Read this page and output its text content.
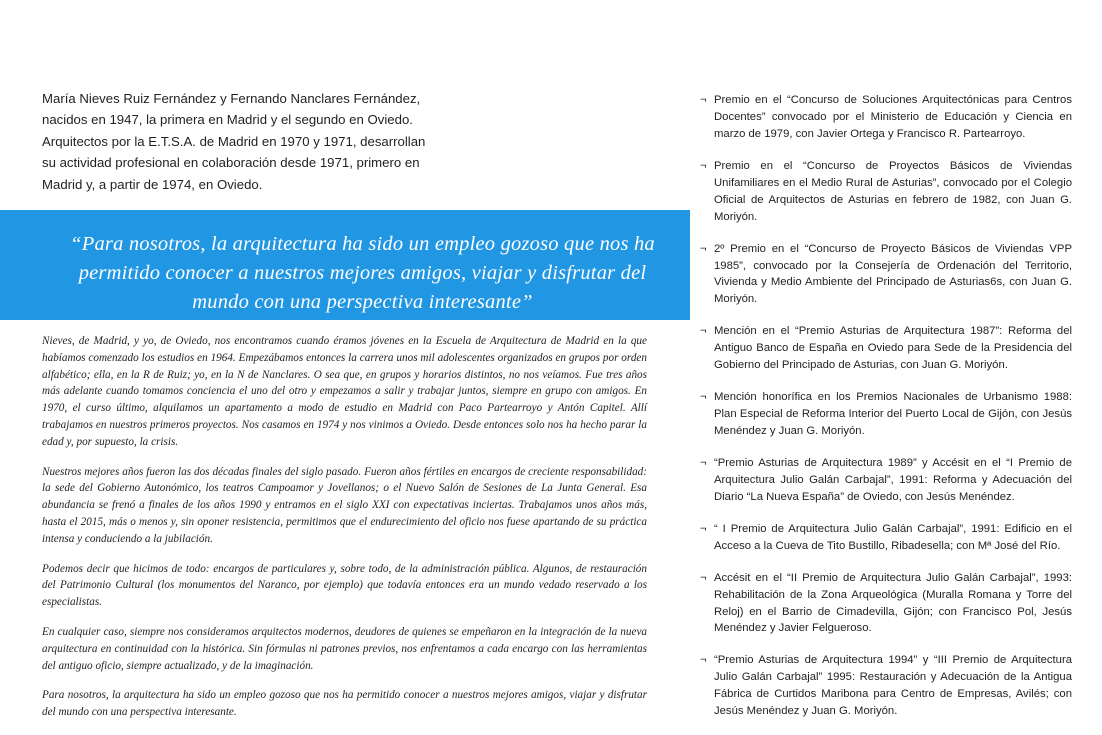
María Nieves Ruiz Fernández y Fernando Nanclares Fernández, nacidos en 1947, la primera en Madrid y el segundo en Oviedo. Arquitectos por la E.T.S.A. de Madrid en 1970 y 1971, desarrollan su actividad profesional en colaboración desde 1971, primero en Madrid y, a partir de 1974, en Oviedo.
“Para nosotros, la arquitectura ha sido un empleo gozoso que nos ha permitido conocer a nuestros mejores amigos, viajar y disfrutar del mundo con una perspectiva interesante”

Nieves, de Madrid, y yo, de Oviedo, nos encontramos cuando éramos jóvenes en la Escuela de Arquitectura de Madrid en la que habíamos comenzado los estudios en 1964. Empezábamos entonces la carrera unos mil adolescentes organizados en grupos por orden alfabético; ella, en la R de Ruiz; yo, en la N de Nanclares. O sea que, en grupos y horarios distintos, no nos veíamos. Fue tres años más adelante cuando tomamos conciencia el uno del otro y empezamos a salir y trabajar juntos, siempre en grupo con amigos. En 1970, el curso último, alquilamos un apartamento a modo de estudio en Madrid con Paco Partearroyo y Antón Capitel. Allí trabajamos en nuestros primeros proyectos. Nos casamos en 1974 y nos vinimos a Oviedo. Desde entonces solo nos ha hecho parar la edad y, por supuesto, la crisis.

Nuestros mejores años fueron las dos décadas finales del siglo pasado. Fueron años fértiles en encargos de creciente responsabilidad: la sede del Gobierno Autonómico, los teatros Campoamor y Jovellanos; o el Nuevo Salón de Sesiones de La Junta General. Esa abundancia se frenó a finales de los años 1990 y entramos en el siglo XXI con expectativas inciertas. Trabajamos unos años más, hasta el 2015, más o menos y, sin oponer resistencia, permitimos que el endurecimiento del oficio nos fuese apartando de su práctica intensa y conduciendo a la jubilación.

Podemos decir que hicimos de todo: encargos de particulares y, sobre todo, de la administración pública. Algunos, de restauración del Patrimonio Cultural (los monumentos del Naranco, por ejemplo) que todavía entonces era un mundo vedado reservado a los especialistas.

En cualquier caso, siempre nos consideramos arquitectos modernos, deudores de quienes se empeñaron en la integración de la nueva arquitectura en continuidad con la histórica. Sin fórmulas ni patrones previos, nos enfrentamos a cada encargo con las herramientas del antiguo oficio, siempre actualizado, y de la imaginación.

Para nosotros, la arquitectura ha sido un empleo gozoso que nos ha permitido conocer a nuestros mejores amigos, viajar y disfrutar del mundo con una perspectiva interesante.

¬ Premio en el “Concurso de Soluciones Arquitectónicas para Centros Docentes” convocado por el Ministerio de Educación y Ciencia en marzo de 1979, con Javier Ortega y Francisco R. Partearroyo.
¬ Premio en el “Concurso de Proyectos Básicos de Viviendas Unifamiliares en el Medio Rural de Asturias”, convocado por el Colegio Oficial de Arquitectos de Asturias en febrero de 1982, con Juan G. Moriyón.
¬ 2º Premio en el “Concurso de Proyecto Básicos de Viviendas VPP 1985”, convocado por la Consejería de Ordenación del Territorio, Vivienda y Medio Ambiente del Principado de Asturias6s, con Juan G. Moriyón.
¬ Mención en el “Premio Asturias de Arquitectura 1987”: Reforma del Antiguo Banco de España en Oviedo para Sede de la Presidencia del Gobierno del Principado de Asturias, con Juan G. Moriyón.
¬ Mención honorífica en los Premios Nacionales de Urbanismo 1988: Plan Especial de Reforma Interior del Puerto Local de Gijón, con Jesús Menéndez y Juan G. Moriyón.
¬ “Premio Asturias de Arquitectura 1989” y Accésit en el “I Premio de Arquitectura Julio Galán Carbajal”, 1991: Reforma y Adecuación del Diario “La Nueva España” de Oviedo, con Jesús Menéndez.
¬ “ I Premio de Arquitectura Julio Galán Carbajal”, 1991: Edificio en el Acceso a la Cueva de Tito Bustillo, Ribadesella; con Mª José del Río.
¬ Accésit en el “II Premio de Arquitectura Julio Galán Carbajal”, 1993: Rehabilitación de la Zona Arqueológica (Muralla Romana y Torre del Reloj) en el Barrio de Cimadevilla, Gijón; con Francisco Pol, Jesús Menéndez y Javier Felgueroso.
¬ “Premio Asturias de Arquitectura 1994” y “III Premio de Arquitectura Julio Galán Carbajal” 1995: Restauración y Adecuación de la Antigua Fábrica de Curtidos Maribona para Centro de Empresas, Avilés; con Jesús Menéndez y Juan G. Moriyón.
